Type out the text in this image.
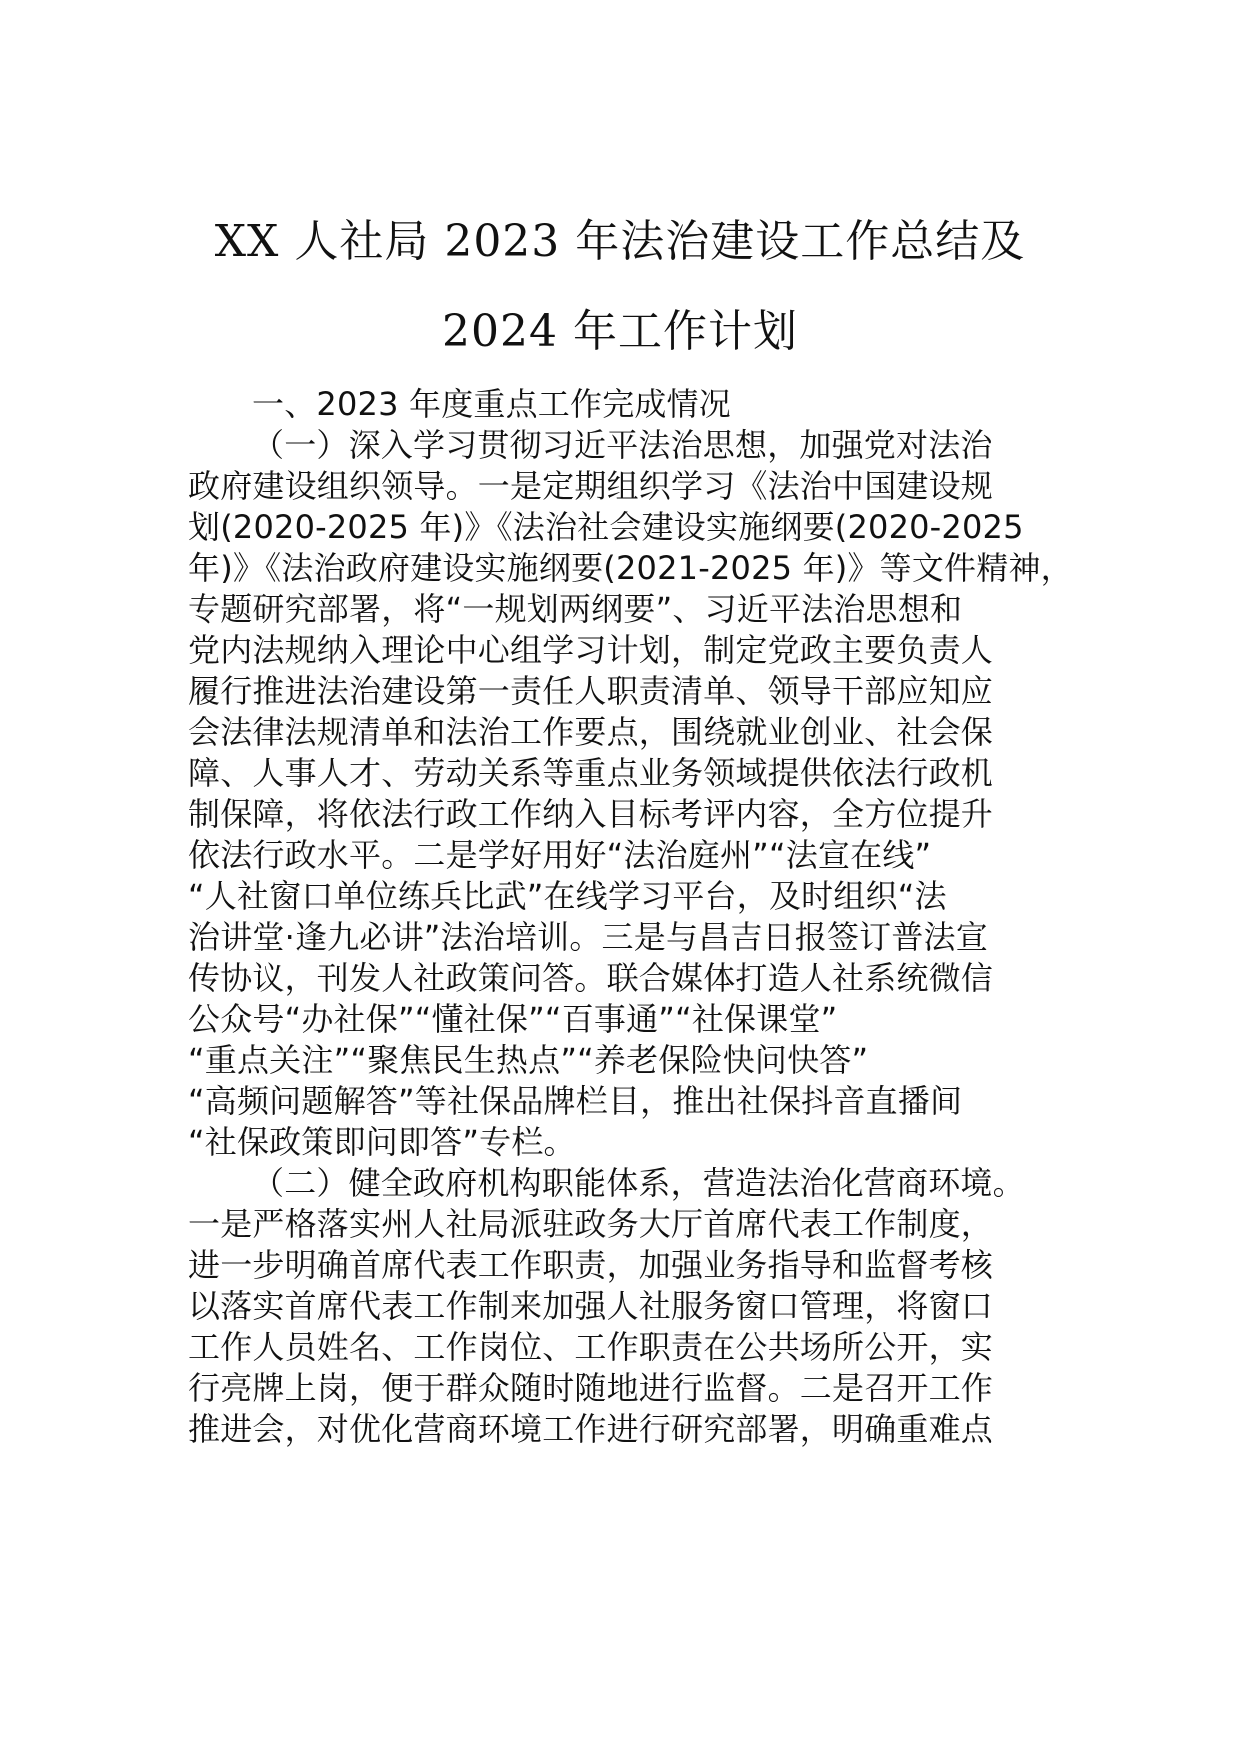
XX 人社局 2023 年法治建设工作总结及
2024 年工作计划
一、2023 年度重点工作完成情况
（一）深入学习贯彻习近平法治思想，加强党对法治
政府建设组织领导。一是定期组织学习《法治中国建设规
划(2020-2025 年)》《法治社会建设实施纲要(2020-2025
年)》《法治政府建设实施纲要(2021-2025 年)》等文件精神，
专题研究部署，将“一规划两纲要”、习近平法治思想和
党内法规纳入理论中心组学习计划，制定党政主要负责人
履行推进法治建设第一责任人职责清单、领导干部应知应
会法律法规清单和法治工作要点，围绕就业创业、社会保
障、人事人才、劳动关系等重点业务领域提供依法行政机
制保障，将依法行政工作纳入目标考评内容，全方位提升
依法行政水平。二是学好用好“法治庭州”“法宣在线”
“人社窗口单位练兵比武”在线学习平台，及时组织“法
治讲堂·逢九必讲”法治培训。三是与昌吉日报签订普法宣
传协议，刊发人社政策问答。联合媒体打造人社系统微信
公众号“办社保”“懂社保”“百事通”“社保课堂”
“重点关注”“聚焦民生热点”“养老保险快问快答”
“高频问题解答”等社保品牌栏目，推出社保抖音直播间
“社保政策即问即答”专栏。
（二）健全政府机构职能体系，营造法治化营商环境。
一是严格落实州人社局派驻政务大厅首席代表工作制度，
进一步明确首席代表工作职责，加强业务指导和监督考核
以落实首席代表工作制来加强人社服务窗口管理，将窗口
工作人员姓名、工作岗位、工作职责在公共场所公开，实
行亮牌上岗，便于群众随时随地进行监督。二是召开工作
推进会，对优化营商环境工作进行研究部署，明确重难点
